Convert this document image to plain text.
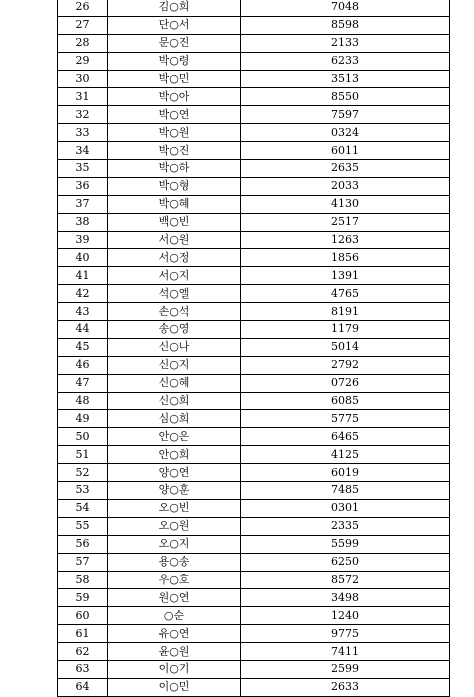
26	김○희	7048
27	단○서	8598
28	문○진	2133
29	박○령	6233
30	박○민	3513
31	박○아	8550
32	박○연	7597
33	박○원	0324
34	박○진	6011
35	박○하	2635
36	박○형	2033
37	박○혜	4130
38	백○빈	2517
39	서○원	1263
40	서○정	1856
41	서○지	1391
42	석○엘	4765
43	손○석	8191
44	송○영	1179
45	신○나	5014
46	신○지	2792
47	신○혜	0726
48	신○희	6085
49	심○희	5775
50	안○은	6465
51	안○희	4125
52	양○연	6019
53	양○훈	7485
54	오○빈	0301
55	오○원	2335
56	오○지	5599
57	용○송	6250
58	우○호	8572
59	원○연	3498
60	○순	1240
61	유○연	9775
62	윤○원	7411
63	이○기	2599
64	이○민	2633
